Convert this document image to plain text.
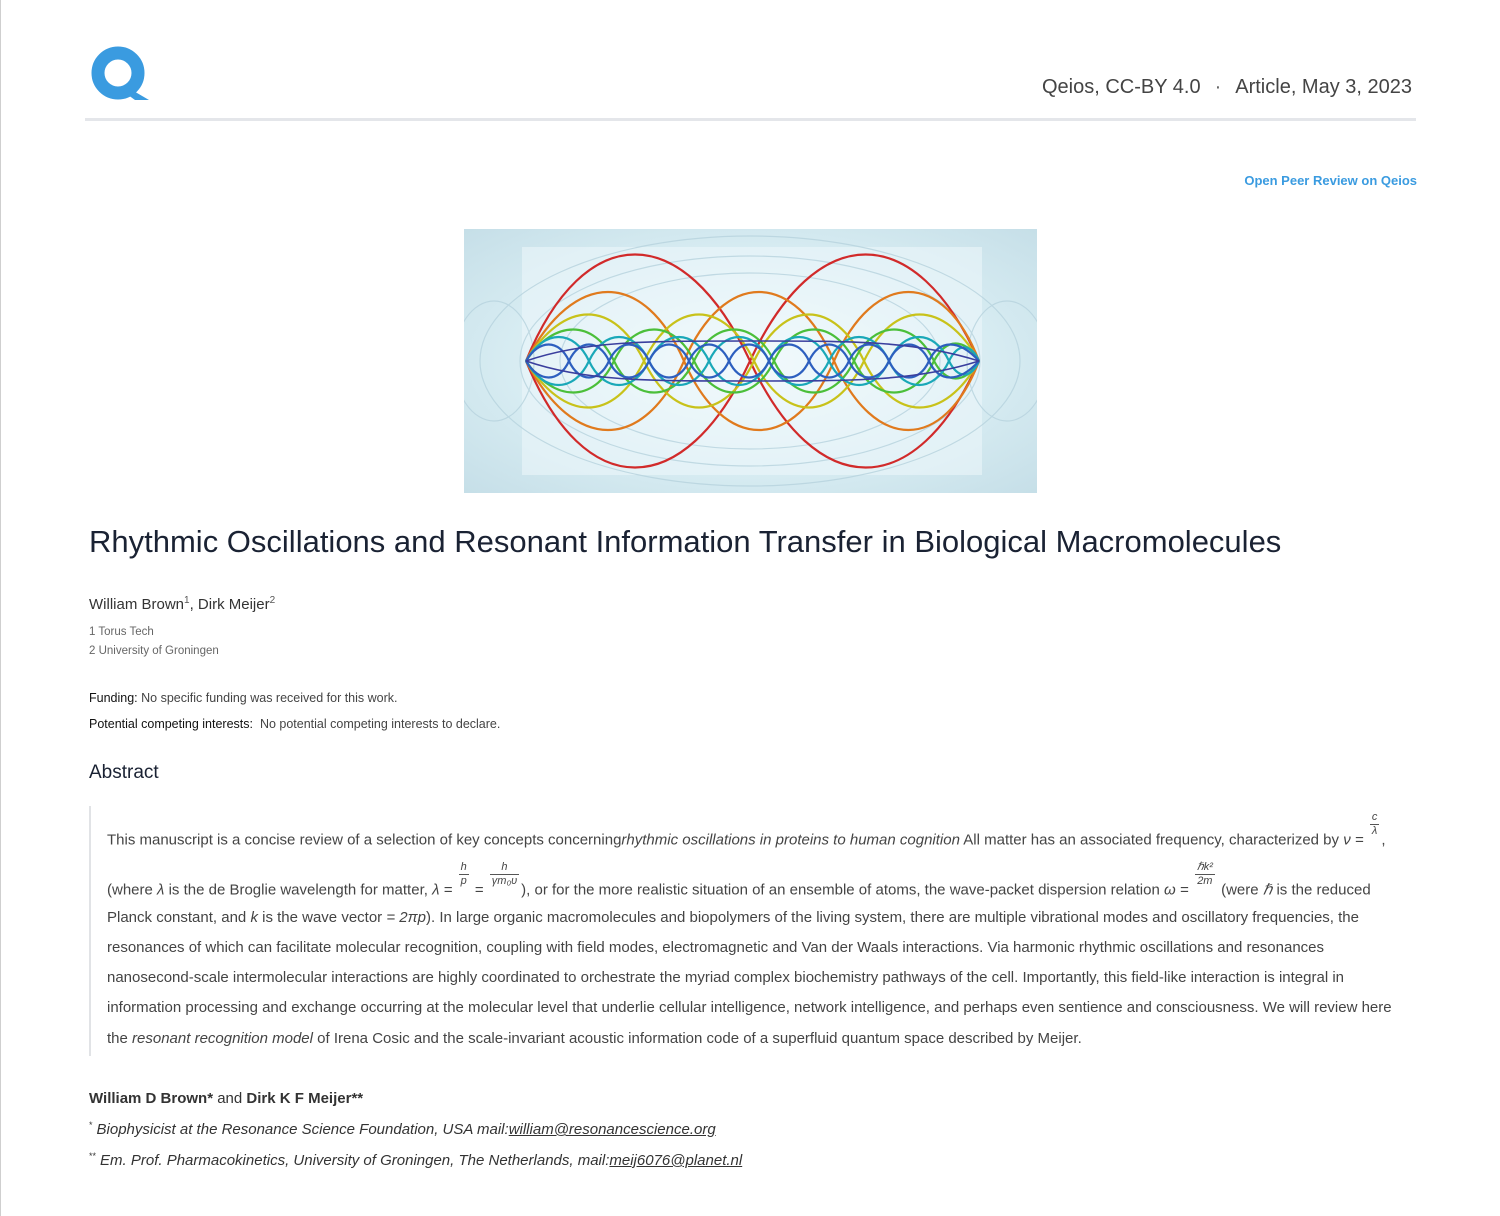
Qeios, CC-BY 4.0 · Article, May 3, 2023
Open Peer Review on Qeios
Rhythmic Oscillations and Resonant Information Transfer in Biological Macromolecules
William Brown$^1$, Dirk Meijer$^2$
1 Torus Tech
2 University of Groningen
Funding: No specific funding was received for this work.
Potential competing interests: No potential competing interests to declare.
Abstract
This manuscript is a concise review of a selection of key concepts concerningrhythmic oscillations in proteins to human cognition All matter has an associated frequency, characterized by ν =
$\frac{c}{\lambda}$
,
(where λ is the de Broglie wavelength for matter, λ =
$\frac{h}{p}$
=
$\frac{h}{\text{γm₀υ}}$
), or for the more realistic situation of an ensemble of atoms, the wave-packet dispersion relation ω =
$\frac{\text{ℏk²}}{2m}$
(were ℏ is the reduced
Planck constant, and k is the wave vector = 2πp). In large organic macromolecules and biopolymers of the living system, there are multiple vibrational modes and oscillatory frequencies, the
resonances of which can facilitate molecular recognition, coupling with field modes, electromagnetic and Van der Waals interactions. Via harmonic rhythmic oscillations and resonances
nanosecond-scale intermolecular interactions are highly coordinated to orchestrate the myriad complex biochemistry pathways of the cell. Importantly, this field-like interaction is integral in
information processing and exchange occurring at the molecular level that underlie cellular intelligence, network intelligence, and perhaps even sentience and consciousness. We will review here
the resonant recognition model of Irena Cosic and the scale-invariant acoustic information code of a superfluid quantum space described by Meijer.
William D Brown* and Dirk K F Meijer**
* Biophysicist at the Resonance Science Foundation, USA mail:william@resonancescience.org
** Em. Prof. Pharmacokinetics, University of Groningen, The Netherlands, mail:meij6076@planet.nl
